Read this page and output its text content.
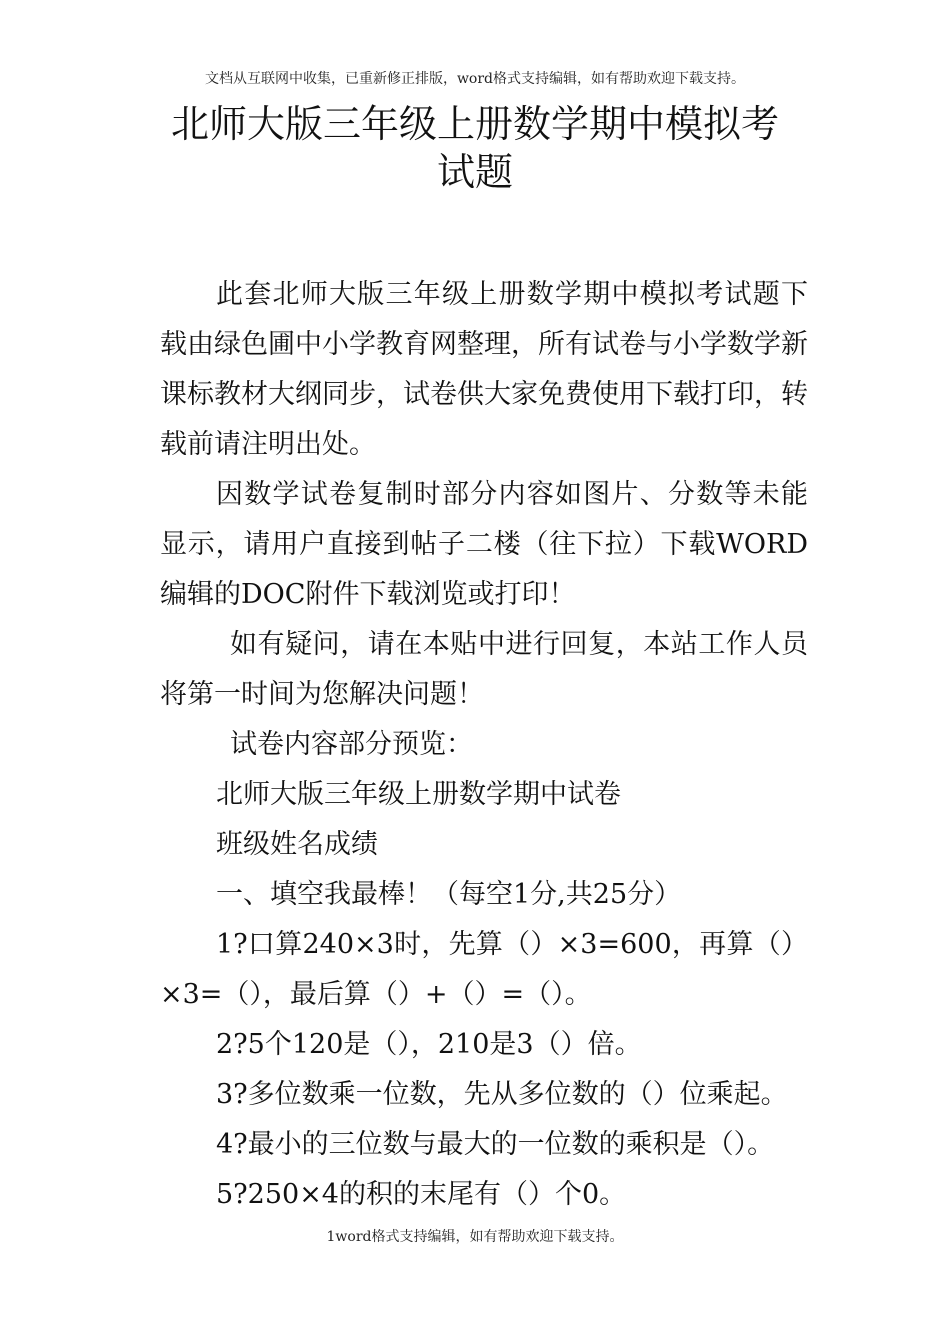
文档从互联网中收集，已重新修正排版，word格式支持编辑，如有帮助欢迎下载支持。
北师大版三年级上册数学期中模拟考
试题

此套北师大版三年级上册数学期中模拟考试题下载由绿色圃中小学教育网整理，所有试卷与小学数学新课标教材大纲同步，试卷供大家免费使用下载打印，转载前请注明出处。

因数学试卷复制时部分内容如图片、分数等未能显示，请用户直接到帖子二楼（往下拉）下载WORD编辑的DOC附件下载浏览或打印！

如有疑问，请在本贴中进行回复，本站工作人员将第一时间为您解决问题！

试卷内容部分预览：

北师大版三年级上册数学期中试卷

班级姓名成绩

一、填空我最棒！（每空1分,共25分）

1?口算240×3时，先算（）×3=600，再算（）×3=（），最后算（）+（）=（）。

2?5个120是（），210是3（）倍。

3?多位数乘一位数，先从多位数的（）位乘起。

4?最小的三位数与最大的一位数的乘积是（）。

5?250×4的积的末尾有（）个0。

1word格式支持编辑，如有帮助欢迎下载支持。
